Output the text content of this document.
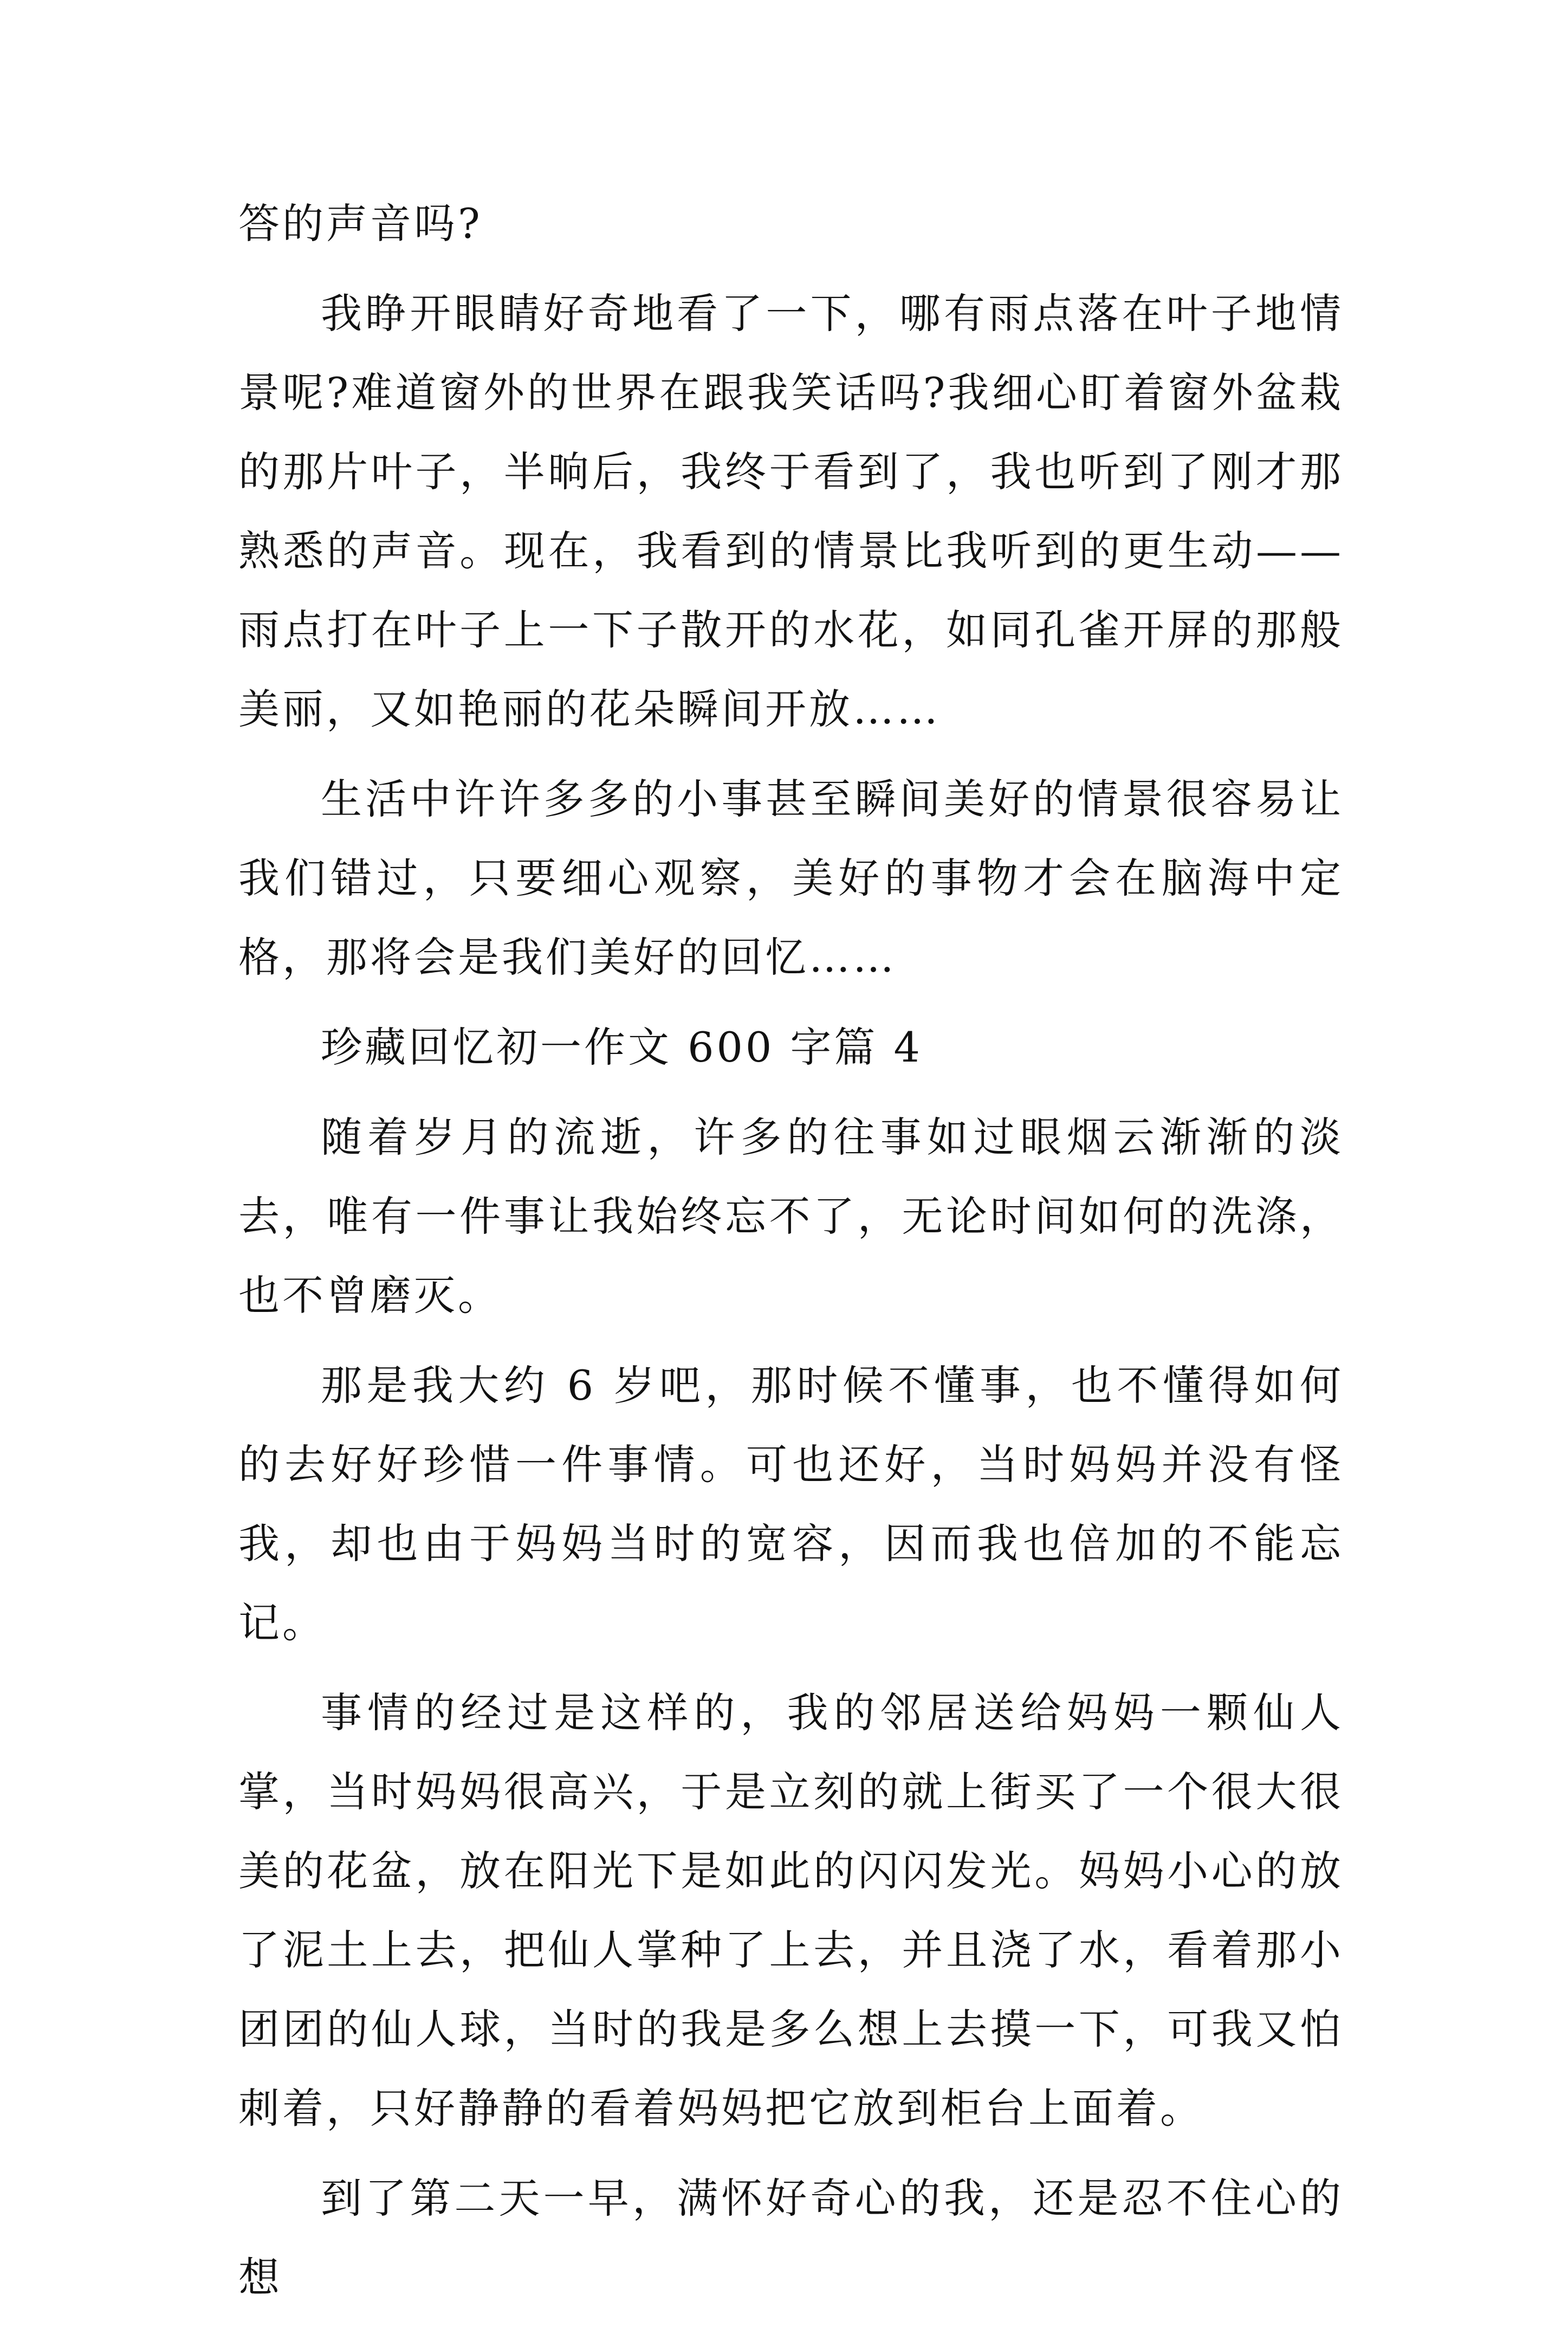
答的声音吗?

我睁开眼睛好奇地看了一下，哪有雨点落在叶子地情景呢?难道窗外的世界在跟我笑话吗?我细心盯着窗外盆栽的那片叶子，半晌后，我终于看到了，我也听到了刚才那熟悉的声音。现在，我看到的情景比我听到的更生动——雨点打在叶子上一下子散开的水花，如同孔雀开屏的那般美丽，又如艳丽的花朵瞬间开放……

生活中许许多多的小事甚至瞬间美好的情景很容易让我们错过，只要细心观察，美好的事物才会在脑海中定格，那将会是我们美好的回忆……

珍藏回忆初一作文 600 字篇 4

随着岁月的流逝，许多的往事如过眼烟云渐渐的淡去，唯有一件事让我始终忘不了，无论时间如何的洗涤，也不曾磨灭。

那是我大约 6 岁吧，那时候不懂事，也不懂得如何的去好好珍惜一件事情。可也还好，当时妈妈并没有怪我，却也由于妈妈当时的宽容，因而我也倍加的不能忘记。

事情的经过是这样的，我的邻居送给妈妈一颗仙人掌，当时妈妈很高兴，于是立刻的就上街买了一个很大很美的花盆，放在阳光下是如此的闪闪发光。妈妈小心的放了泥土上去，把仙人掌种了上去，并且浇了水，看着那小团团的仙人球，当时的我是多么想上去摸一下，可我又怕刺着，只好静静的看着妈妈把它放到柜台上面着。

到了第二天一早，满怀好奇心的我，还是忍不住心的想
